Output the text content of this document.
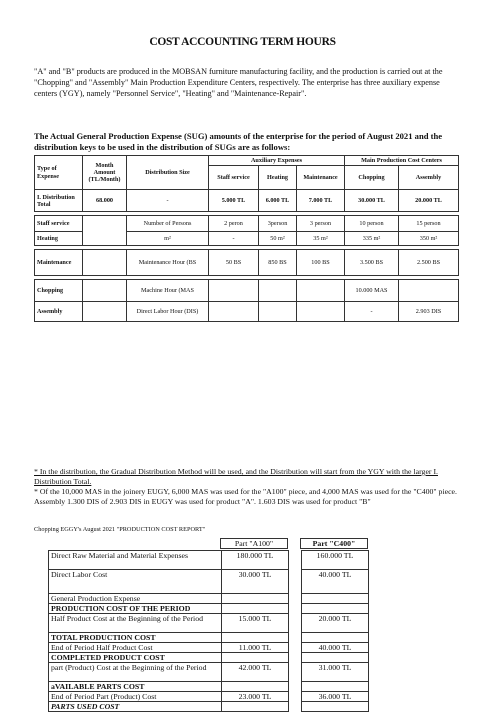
COST ACCOUNTING TERM HOURS
"A" and "B" products are produced in the MOBSAN furniture manufacturing facility, and the production is carried out at the "Chopping" and "Assembly" Main Production Expenditure Centers, respectively. The enterprise has three auxiliary expense centers (YGY), namely "Personnel Service", "Heating" and "Maintenance-Repair".
The Actual General Production Expense (SUG) amounts of the enterprise for the period of August 2021 and the distribution keys to be used in the distribution of SUGs are as follows:
Type of Expense	Month Amount (TL/Month)	Distribution Size	Auxiliary Expenses			Main Production Cost Centers	
			Staff service	Heating	Maintenance	Chopping	Assembly
I. Distribution Total	68.000	-	5.000 TL	6.000 TL	7.000 TL	30.000 TL	20.000 TL

Staff service		Number of Persons	2 peron	3person	3 person	10 person	15 person
Heating		m²	-	50 m²	35 m²	335 m²	350 m²

Maintenance		Maintenance Hour (BS	50 BS	850 BS	100 BS	3.500 BS	2.500 BS

Chopping		Machine Hour (MAS				10.000 MAS	
Assembly		Direct Labor Hour (DIS)				-	2.903 DIS
* In the distribution, the Gradual Distribution Method will be used, and the Distribution will start from the YGY with the larger I. Distribution Total.
* Of the 10,000 MAS in the joinery EUGY, 6,000 MAS was used for the "A100" piece, and 4,000 MAS was used for the "C400" piece. Assembly 1.300 DIS of 2.903 DIS in EUGY was used for product "A". 1.603 DIS was used for product "B"
Chopping EGGY's August 2021 "PRODUCTION COST REPORT"
	Part "A100"		Part "C400"
Direct Raw Material and Material Expenses	180.000 TL		160.000 TL
Direct Labor Cost	30.000 TL		40.000 TL
General Production Expense			
PRODUCTION COST OF THE PERIOD			
Half Product Cost at the Beginning of the Period	15.000 TL		20.000 TL
TOTAL PRODUCTION COST			
End of Period Half Product Cost	11.000 TL		40.000 TL
COMPLETED PRODUCT COST			
part (Product) Cost at the Beginning of the Period	42.000 TL		31.000 TL
aVAILABLE PARTS COST			
End of Period Part (Product) Cost	23.000 TL		36.000 TL
PARTS USED COST			
